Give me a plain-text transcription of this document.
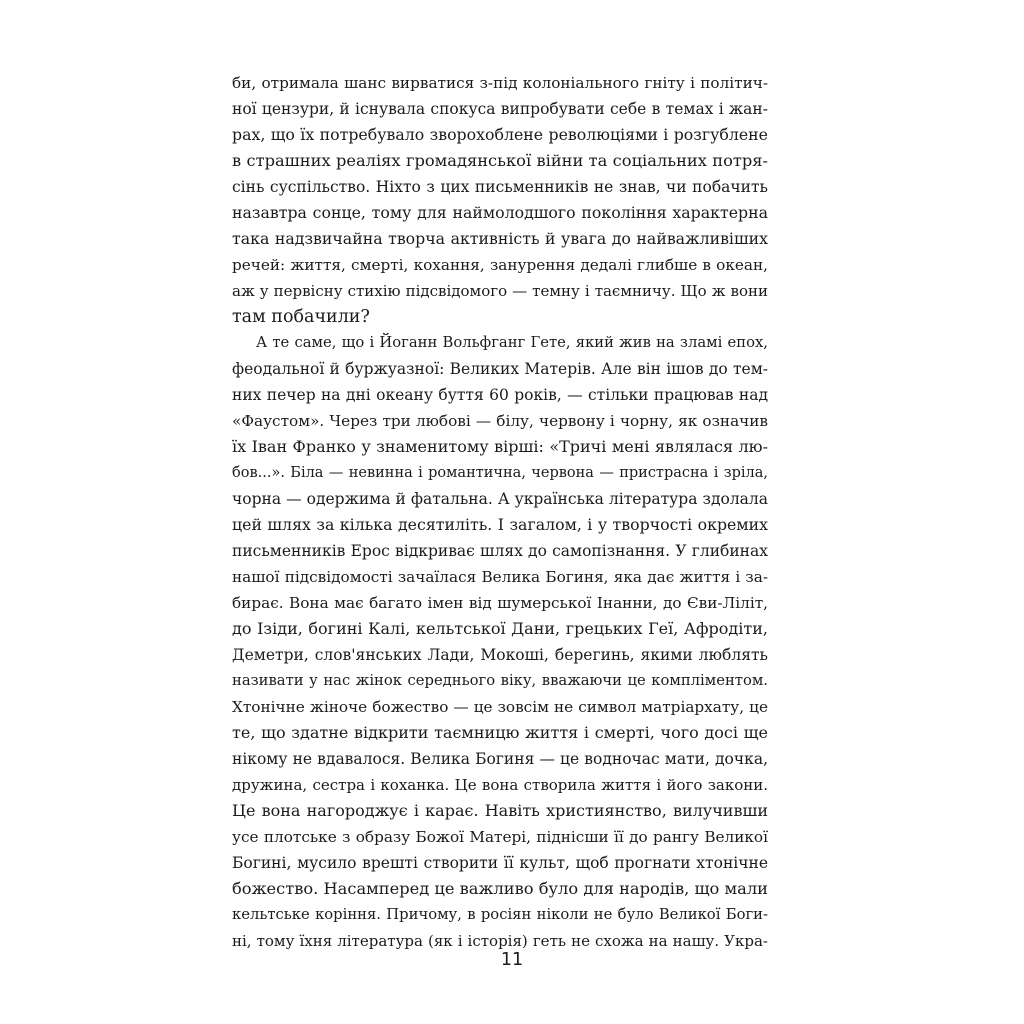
би, отримала шанс вирватися з-під колоніального гніту і політич-
ної цензури, й існувала спокуса випробувати себе в темах і жан-
рах, що їх потребувало зворохоблене революціями і розгублене
в страшних реаліях громадянської війни та соціальних потря-
сінь суспільство. Ніхто з цих письменників не знав, чи побачить
назавтра сонце, тому для наймолодшого покоління характерна
така надзвичайна творча активність й увага до найважливіших
речей: життя, смерті, кохання, занурення дедалі глибше в океан,
аж у первісну стихію підсвідомого — темну і таємничу. Що ж вони
там побачили?
А те саме, що і Йоганн Вольфганг Гете, який жив на зламі епох,
феодальної й буржуазної: Великих Матерів. Але він ішов до тем-
них печер на дні океану буття 60 років, — стільки працював над
«Фаустом». Через три любові — білу, червону і чорну, як означив
їх Іван Франко у знаменитому вірші: «Тричі мені являлася лю-
бов...». Біла — невинна і романтична, червона — пристрасна і зріла,
чорна — одержима й фатальна. А українська література здолала
цей шлях за кілька десятиліть. І загалом, і у творчості окремих
письменників Ерос відкриває шлях до самопізнання. У глибинах
нашої підсвідомості зачаїлася Велика Богиня, яка дає життя і за-
бирає. Вона має багато імен від шумерської Інанни, до Єви-Ліліт,
до Ізіди, богині Калі, кельтської Дани, грецьких Геї, Афродіти,
Деметри, слов'янських Лади, Мокоші, берегинь, якими люблять
називати у нас жінок середнього віку, вважаючи це компліментом.
Хтонічне жіноче божество — це зовсім не символ матріархату, це
те, що здатне відкрити таємницю життя і смерті, чого досі ще
нікому не вдавалося. Велика Богиня — це водночас мати, дочка,
дружина, сестра і коханка. Це вона створила життя і його закони.
Це вона нагороджує і карає. Навіть християнство, вилучивши
усе плотське з образу Божої Матері, піднісши її до рангу Великої
Богині, мусило врешті створити її культ, щоб прогнати хтонічне
божество. Насамперед це важливо було для народів, що мали
кельтське коріння. Причому, в росіян ніколи не було Великої Боги-
ні, тому їхня література (як і історія) геть не схожа на нашу. Укра-
11
